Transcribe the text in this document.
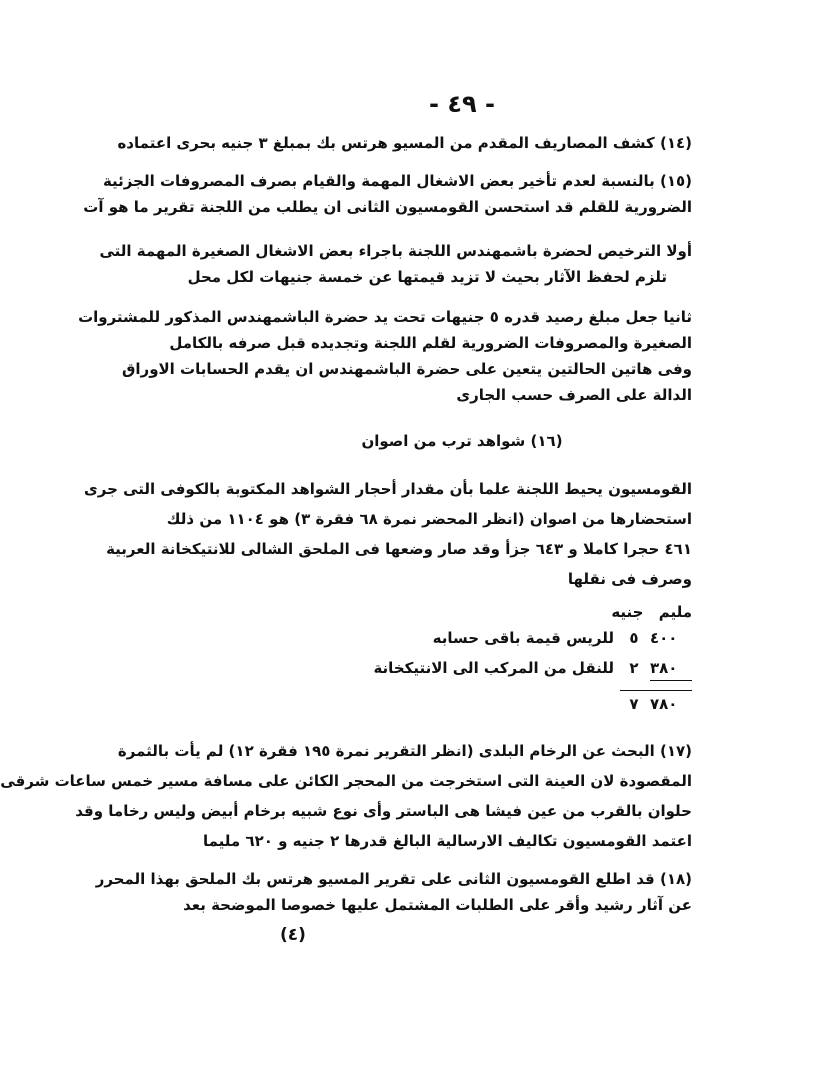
- ٤٩ -
(١٤) كشف المصاريف المقدم من المسيو هرتس بك بمبلغ ٣ جنيه بحرى اعتماده
(١٥) بالنسبة لعدم تأخير بعض الاشغال المهمة والقيام بصرف المصروفات الجزئية
الضرورية للقلم قد استحسن القومسيون الثانى ان يطلب من اللجنة تقرير ما هو آت
أولا الترخيص لحضرة باشمهندس اللجنة باجراء بعض الاشغال الصغيرة المهمة التى
تلزم لحفظ الآثار بحيث لا تزيد قيمتها عن خمسة جنيهات لكل محل
ثانيا جعل مبلغ رصيد قدره ٥ جنيهات تحت يد حضرة الباشمهندس المذكور للمشتروات
الصغيرة والمصروفات الضرورية لقلم اللجنة وتجديده قبل صرفه بالكامل
وفى هاتين الحالتين يتعين على حضرة الباشمهندس ان يقدم الحسابات الاوراق
الدالة على الصرف حسب الجارى
(١٦) شواهد ترب من اصوان
القومسيون يحيط اللجنة علما بأن مقدار أحجار الشواهد المكتوبة بالكوفى التى جرى
استحضارها من اصوان (انظر المحضر نمرة ٦٨ فقرة ٣) هو ١١٠٤ من ذلك
٤٦١ حجرا كاملا و ٦٤٣ جزأ وقد صار وضعها فى الملحق الشالى للانتيكخانة العربية
وصرف فى نقلها
مليم جنيه
٤٠٠
٥
للريس قيمة باقى حسابه
٣٨٠
٢
للنقل من المركب الى الانتيكخانة
٧٨٠
٧
(١٧) البحث عن الرخام البلدى (انظر التقرير نمرة ١٩٥ فقرة ١٢) لم يأت بالثمرة
المقصودة لان العينة التى استخرجت من المحجر الكائن على مسافة مسير خمس ساعات شرقى
حلوان بالقرب من عين فيشا هى الباستر وأى نوع شبيه برخام أبيض وليس رخاما وقد
اعتمد القومسيون تكاليف الارسالية البالغ قدرها ٢ جنيه و ٦٢٠ مليما
(١٨) قد اطلع القومسيون الثانى على تقرير المسيو هرتس بك الملحق بهذا المحرر
عن آثار رشيد وأقر على الطلبات المشتمل عليها خصوصا الموضحة بعد
(٤)
